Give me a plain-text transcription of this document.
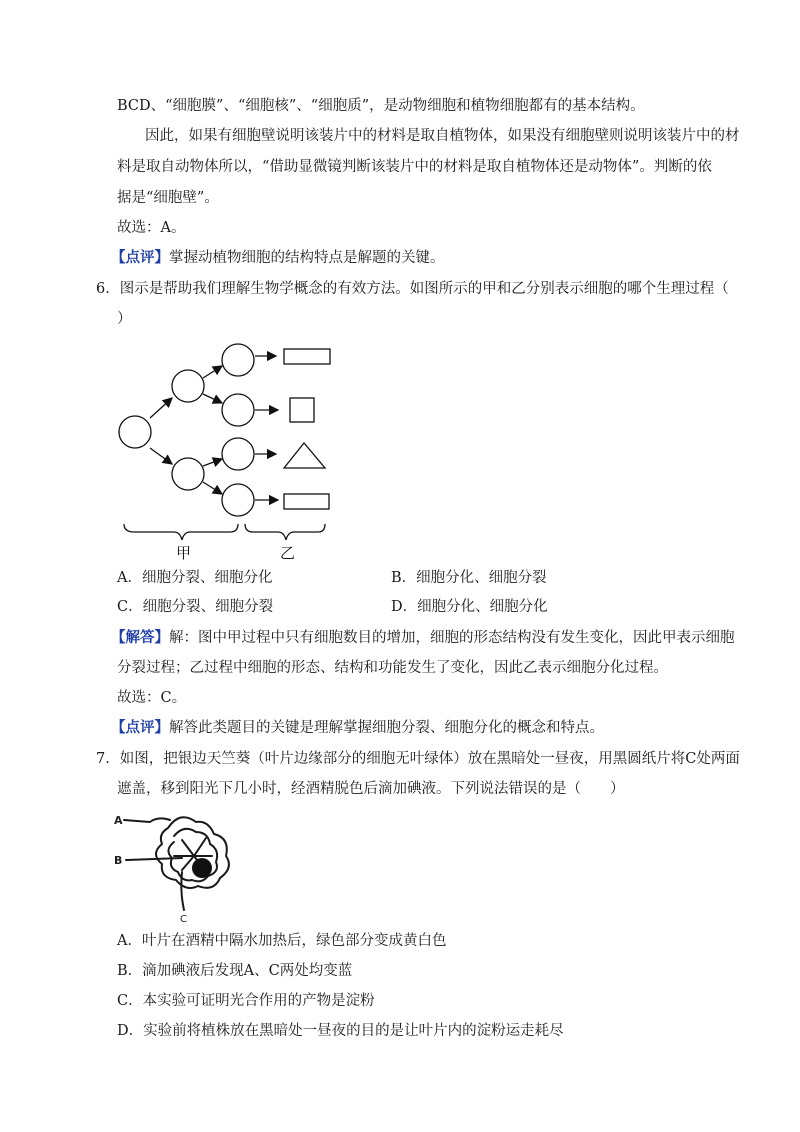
BCD、“细胞膜”、“细胞核”、“细胞质”，是动物细胞和植物细胞都有的基本结构。
因此，如果有细胞壁说明该装片中的材料是取自植物体，如果没有细胞壁则说明该装片中的材
料是取自动物体所以，“借助显微镜判断该装片中的材料是取自植物体还是动物体”。判断的依
据是“细胞壁”。
故选：A。
【点评】掌握动植物细胞的结构特点是解题的关键。
6．图示是帮助我们理解生物学概念的有效方法。如图所示的甲和乙分别表示细胞的哪个生理过程（
）
甲	乙
A．细胞分裂、细胞分化	B．细胞分化、细胞分裂
C．细胞分裂、细胞分裂	D．细胞分化、细胞分化
【解答】解：图中甲过程中只有细胞数目的增加，细胞的形态结构没有发生变化，因此甲表示细胞
分裂过程；乙过程中细胞的形态、结构和功能发生了变化，因此乙表示细胞分化过程。
故选：C。
【点评】解答此类题目的关键是理解掌握细胞分裂、细胞分化的概念和特点。
7．如图，把银边天竺葵（叶片边缘部分的细胞无叶绿体）放在黑暗处一昼夜，用黑圆纸片将C处两面
遮盖，移到阳光下几小时，经酒精脱色后滴加碘液。下列说法错误的是（　　）
A
B
C
A．叶片在酒精中隔水加热后，绿色部分变成黄白色
B．滴加碘液后发现A、C两处均变蓝
C．本实验可证明光合作用的产物是淀粉
D．实验前将植株放在黑暗处一昼夜的目的是让叶片内的淀粉运走耗尽
